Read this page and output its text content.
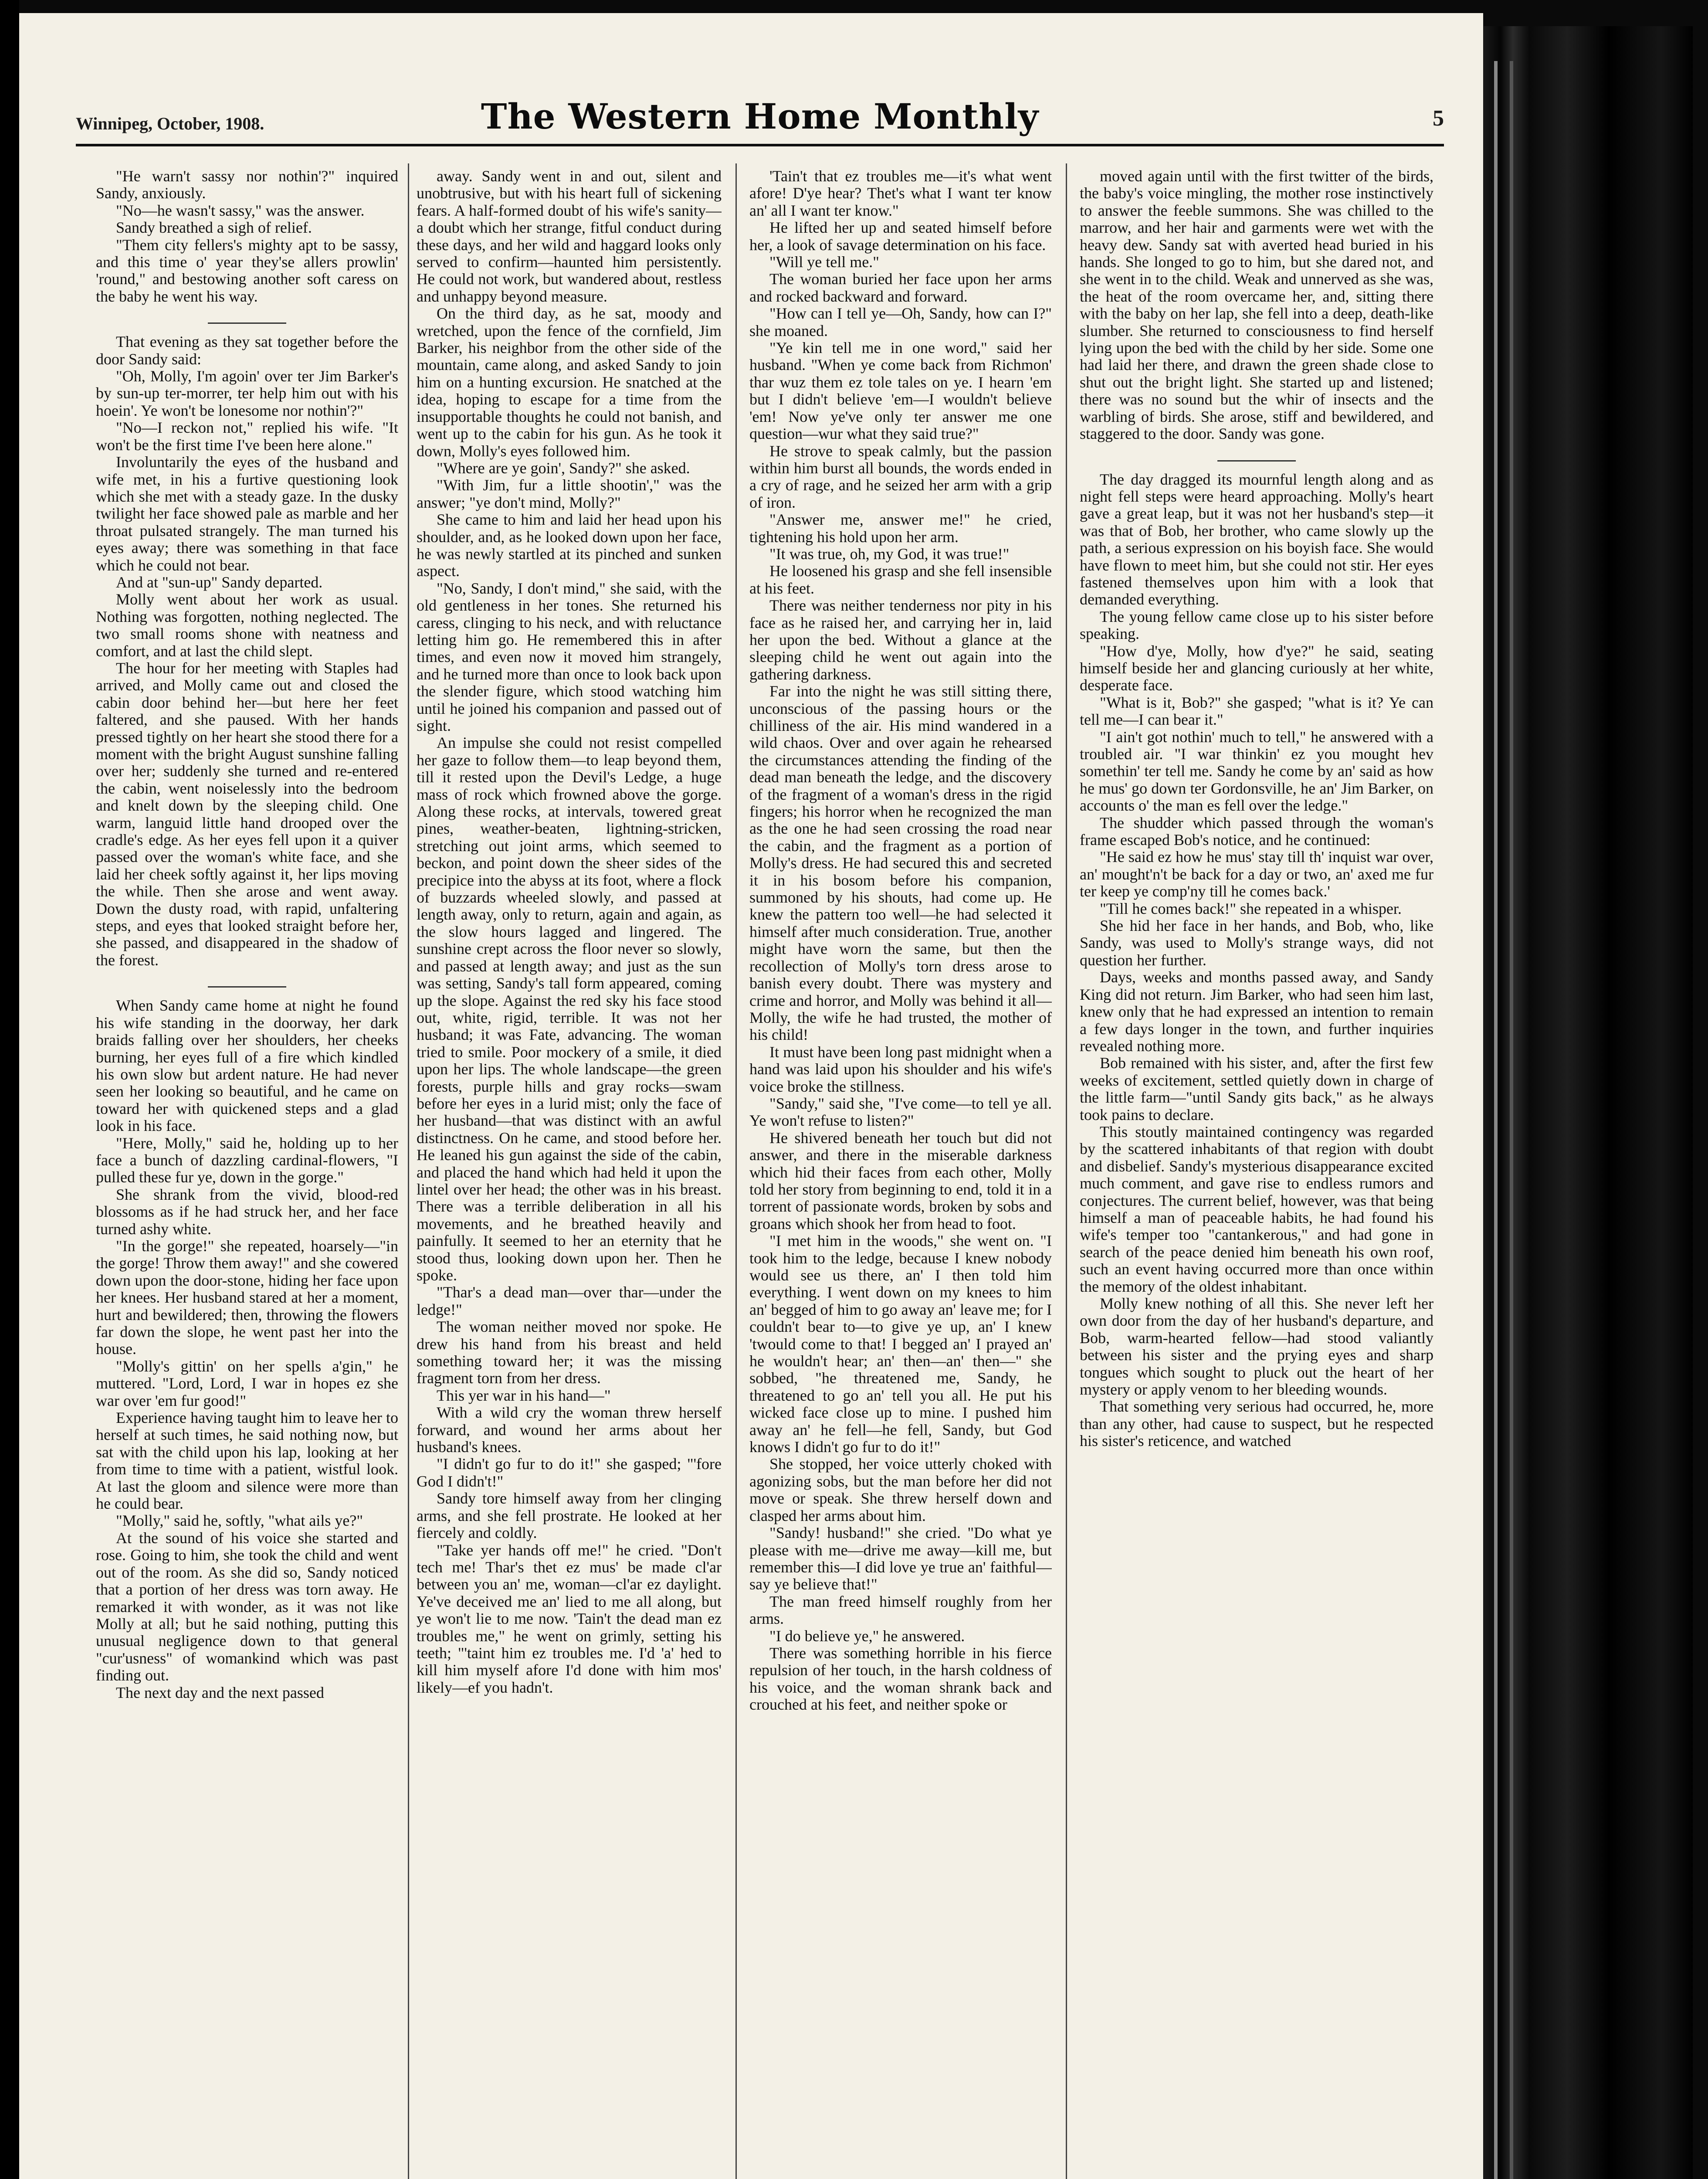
Winnipeg, October, 1908.	The Western Home Monthly	5

"He warn't sassy nor nothin'?" inquired Sandy, anxiously.

"No—he wasn't sassy," was the answer.

Sandy breathed a sigh of relief.

"Them city fellers's mighty apt to be sassy, and this time o' year they'se allers prowlin' 'round," and bestowing another soft caress on the baby he went his way.

That evening as they sat together before the door Sandy said:

"Oh, Molly, I'm agoin' over ter Jim Barker's by sun-up ter-morrer, ter help him out with his hoein'. Ye won't be lonesome nor nothin'?"

"No—I reckon not," replied his wife. "It won't be the first time I've been here alone."

Involuntarily the eyes of the husband and wife met, in his a furtive questioning look which she met with a steady gaze. In the dusky twilight her face showed pale as marble and her throat pulsated strangely. The man turned his eyes away; there was something in that face which he could not bear.

And at "sun-up" Sandy departed.

Molly went about her work as usual. Nothing was forgotten, nothing neglected. The two small rooms shone with neatness and comfort, and at last the child slept.

The hour for her meeting with Staples had arrived, and Molly came out and closed the cabin door behind her—but here her feet faltered, and she paused. With her hands pressed tightly on her heart she stood there for a moment with the bright August sunshine falling over her; suddenly she turned and re-entered the cabin, went noiselessly into the bedroom and knelt down by the sleeping child. One warm, languid little hand drooped over the cradle's edge. As her eyes fell upon it a quiver passed over the woman's white face, and she laid her cheek softly against it, her lips moving the while. Then she arose and went away. Down the dusty road, with rapid, unfaltering steps, and eyes that looked straight before her, she passed, and disappeared in the shadow of the forest.

When Sandy came home at night he found his wife standing in the doorway, her dark braids falling over her shoulders, her cheeks burning, her eyes full of a fire which kindled his own slow but ardent nature. He had never seen her looking so beautiful, and he came on toward her with quickened steps and a glad look in his face.

"Here, Molly," said he, holding up to her face a bunch of dazzling cardinal-flowers, "I pulled these fur ye, down in the gorge."

She shrank from the vivid, blood-red blossoms as if he had struck her, and her face turned ashy white.

"In the gorge!" she repeated, hoarsely—"in the gorge! Throw them away!" and she cowered down upon the door-stone, hiding her face upon her knees. Her husband stared at her a moment, hurt and bewildered; then, throwing the flowers far down the slope, he went past her into the house.

"Molly's gittin' on her spells a'gin," he muttered. "Lord, Lord, I war in hopes ez she war over 'em fur good!"

Experience having taught him to leave her to herself at such times, he said nothing now, but sat with the child upon his lap, looking at her from time to time with a patient, wistful look. At last the gloom and silence were more than he could bear.

"Molly," said he, softly, "what ails ye?"

At the sound of his voice she started and rose. Going to him, she took the child and went out of the room. As she did so, Sandy noticed that a portion of her dress was torn away. He remarked it with wonder, as it was not like Molly at all; but he said nothing, putting this unusual negligence down to that general "cur'usness" of womankind which was past finding out.

The next day and the next passed

away. Sandy went in and out, silent and unobtrusive, but with his heart full of sickening fears. A half-formed doubt of his wife's sanity—a doubt which her strange, fitful conduct during these days, and her wild and haggard looks only served to confirm—haunted him persistently. He could not work, but wandered about, restless and unhappy beyond measure.

On the third day, as he sat, moody and wretched, upon the fence of the cornfield, Jim Barker, his neighbor from the other side of the mountain, came along, and asked Sandy to join him on a hunting excursion. He snatched at the idea, hoping to escape for a time from the insupportable thoughts he could not banish, and went up to the cabin for his gun. As he took it down, Molly's eyes followed him.

"Where are ye goin', Sandy?" she asked.

"With Jim, fur a little shootin'," was the answer; "ye don't mind, Molly?"

She came to him and laid her head upon his shoulder, and, as he looked down upon her face, he was newly startled at its pinched and sunken aspect.

"No, Sandy, I don't mind," she said, with the old gentleness in her tones. She returned his caress, clinging to his neck, and with reluctance letting him go. He remembered this in after times, and even now it moved him strangely, and he turned more than once to look back upon the slender figure, which stood watching him until he joined his companion and passed out of sight.

An impulse she could not resist compelled her gaze to follow them—to leap beyond them, till it rested upon the Devil's Ledge, a huge mass of rock which frowned above the gorge. Along these rocks, at intervals, towered great pines, weather-beaten, lightning-stricken, stretching out joint arms, which seemed to beckon, and point down the sheer sides of the precipice into the abyss at its foot, where a flock of buzzards wheeled slowly, and passed at length away, only to return, again and again, as the slow hours lagged and lingered. The sunshine crept across the floor never so slowly, and passed at length away; and just as the sun was setting, Sandy's tall form appeared, coming up the slope. Against the red sky his face stood out, white, rigid, terrible. It was not her husband; it was Fate, advancing. The woman tried to smile. Poor mockery of a smile, it died upon her lips. The whole landscape—the green forests, purple hills and gray rocks—swam before her eyes in a lurid mist; only the face of her husband—that was distinct with an awful distinctness. On he came, and stood before her. He leaned his gun against the side of the cabin, and placed the hand which had held it upon the lintel over her head; the other was in his breast. There was a terrible deliberation in all his movements, and he breathed heavily and painfully. It seemed to her an eternity that he stood thus, looking down upon her. Then he spoke.

"Thar's a dead man—over thar—under the ledge!"

The woman neither moved nor spoke. He drew his hand from his breast and held something toward her; it was the missing fragment torn from her dress.

This yer war in his hand—"

With a wild cry the woman threw herself forward, and wound her arms about her husband's knees.

"I didn't go fur to do it!" she gasped; "'fore God I didn't!"

Sandy tore himself away from her clinging arms, and she fell prostrate. He looked at her fiercely and coldly.

"Take yer hands off me!" he cried. "Don't tech me! Thar's thet ez mus' be made cl'ar between you an' me, woman—cl'ar ez daylight. Ye've deceived me an' lied to me all along, but ye won't lie to me now. 'Tain't the dead man ez troubles me," he went on grimly, setting his teeth; "'taint him ez troubles me. I'd 'a' hed to kill him myself afore I'd done with him mos' likely—ef you hadn't.

'Tain't that ez troubles me—it's what went afore! D'ye hear? Thet's what I want ter know an' all I want ter know."

He lifted her up and seated himself before her, a look of savage determination on his face.

"Will ye tell me."

The woman buried her face upon her arms and rocked backward and forward.

"How can I tell ye—Oh, Sandy, how can I?" she moaned.

"Ye kin tell me in one word," said her husband. "When ye come back from Richmon' thar wuz them ez tole tales on ye. I hearn 'em but I didn't believe 'em—I wouldn't believe 'em! Now ye've only ter answer me one question—wur what they said true?"

He strove to speak calmly, but the passion within him burst all bounds, the words ended in a cry of rage, and he seized her arm with a grip of iron.

"Answer me, answer me!" he cried, tightening his hold upon her arm.

"It was true, oh, my God, it was true!"

He loosened his grasp and she fell insensible at his feet.

There was neither tenderness nor pity in his face as he raised her, and carrying her in, laid her upon the bed. Without a glance at the sleeping child he went out again into the gathering darkness.

Far into the night he was still sitting there, unconscious of the passing hours or the chilliness of the air. His mind wandered in a wild chaos. Over and over again he rehearsed the circumstances attending the finding of the dead man beneath the ledge, and the discovery of the fragment of a woman's dress in the rigid fingers; his horror when he recognized the man as the one he had seen crossing the road near the cabin, and the fragment as a portion of Molly's dress. He had secured this and secreted it in his bosom before his companion, summoned by his shouts, had come up. He knew the pattern too well—he had selected it himself after much consideration. True, another might have worn the same, but then the recollection of Molly's torn dress arose to banish every doubt. There was mystery and crime and horror, and Molly was behind it all—Molly, the wife he had trusted, the mother of his child!

It must have been long past midnight when a hand was laid upon his shoulder and his wife's voice broke the stillness.

"Sandy," said she, "I've come—to tell ye all. Ye won't refuse to listen?"

He shivered beneath her touch but did not answer, and there in the miserable darkness which hid their faces from each other, Molly told her story from beginning to end, told it in a torrent of passionate words, broken by sobs and groans which shook her from head to foot.

"I met him in the woods," she went on. "I took him to the ledge, because I knew nobody would see us there, an' I then told him everything. I went down on my knees to him an' begged of him to go away an' leave me; for I couldn't bear to—to give ye up, an' I knew 'twould come to that! I begged an' I prayed an' he wouldn't hear; an' then—an' then—" she sobbed, "he threatened me, Sandy, he threatened to go an' tell you all. He put his wicked face close up to mine. I pushed him away an' he fell—he fell, Sandy, but God knows I didn't go fur to do it!"

She stopped, her voice utterly choked with agonizing sobs, but the man before her did not move or speak. She threw herself down and clasped her arms about him.

"Sandy! husband!" she cried. "Do what ye please with me—drive me away—kill me, but remember this—I did love ye true an' faithful—say ye believe that!"

The man freed himself roughly from her arms.

"I do believe ye," he answered.

There was something horrible in his fierce repulsion of her touch, in the harsh coldness of his voice, and the woman shrank back and crouched at his feet, and neither spoke or

moved again until with the first twitter of the birds, the baby's voice mingling, the mother rose instinctively to answer the feeble summons. She was chilled to the marrow, and her hair and garments were wet with the heavy dew. Sandy sat with averted head buried in his hands. She longed to go to him, but she dared not, and she went in to the child. Weak and unnerved as she was, the heat of the room overcame her, and, sitting there with the baby on her lap, she fell into a deep, death-like slumber. She returned to consciousness to find herself lying upon the bed with the child by her side. Some one had laid her there, and drawn the green shade close to shut out the bright light. She started up and listened; there was no sound but the whir of insects and the warbling of birds. She arose, stiff and bewildered, and staggered to the door. Sandy was gone.

The day dragged its mournful length along and as night fell steps were heard approaching. Molly's heart gave a great leap, but it was not her husband's step—it was that of Bob, her brother, who came slowly up the path, a serious expression on his boyish face. She would have flown to meet him, but she could not stir. Her eyes fastened themselves upon him with a look that demanded everything.

The young fellow came close up to his sister before speaking.

"How d'ye, Molly, how d'ye?" he said, seating himself beside her and glancing curiously at her white, desperate face.

"What is it, Bob?" she gasped; "what is it? Ye can tell me—I can bear it."

"I ain't got nothin' much to tell," he answered with a troubled air. "I war thinkin' ez you mought hev somethin' ter tell me. Sandy he come by an' said as how he mus' go down ter Gordonsville, he an' Jim Barker, on accounts o' the man es fell over the ledge."

The shudder which passed through the woman's frame escaped Bob's notice, and he continued:

"He said ez how he mus' stay till th' inquist war over, an' mought'n't be back for a day or two, an' axed me fur ter keep ye comp'ny till he comes back.'

"Till he comes back!" she repeated in a whisper.

She hid her face in her hands, and Bob, who, like Sandy, was used to Molly's strange ways, did not question her further.

Days, weeks and months passed away, and Sandy King did not return. Jim Barker, who had seen him last, knew only that he had expressed an intention to remain a few days longer in the town, and further inquiries revealed nothing more.

Bob remained with his sister, and, after the first few weeks of excitement, settled quietly down in charge of the little farm—"until Sandy gits back," as he always took pains to declare.

This stoutly maintained contingency was regarded by the scattered inhabitants of that region with doubt and disbelief. Sandy's mysterious disappearance excited much comment, and gave rise to endless rumors and conjectures. The current belief, however, was that being himself a man of peaceable habits, he had found his wife's temper too "cantankerous," and had gone in search of the peace denied him beneath his own roof, such an event having occurred more than once within the memory of the oldest inhabitant.

Molly knew nothing of all this. She never left her own door from the day of her husband's departure, and Bob, warm-hearted fellow—had stood valiantly between his sister and the prying eyes and sharp tongues which sought to pluck out the heart of her mystery or apply venom to her bleeding wounds.

That something very serious had occurred, he, more than any other, had cause to suspect, but he respected his sister's reticence, and watched
